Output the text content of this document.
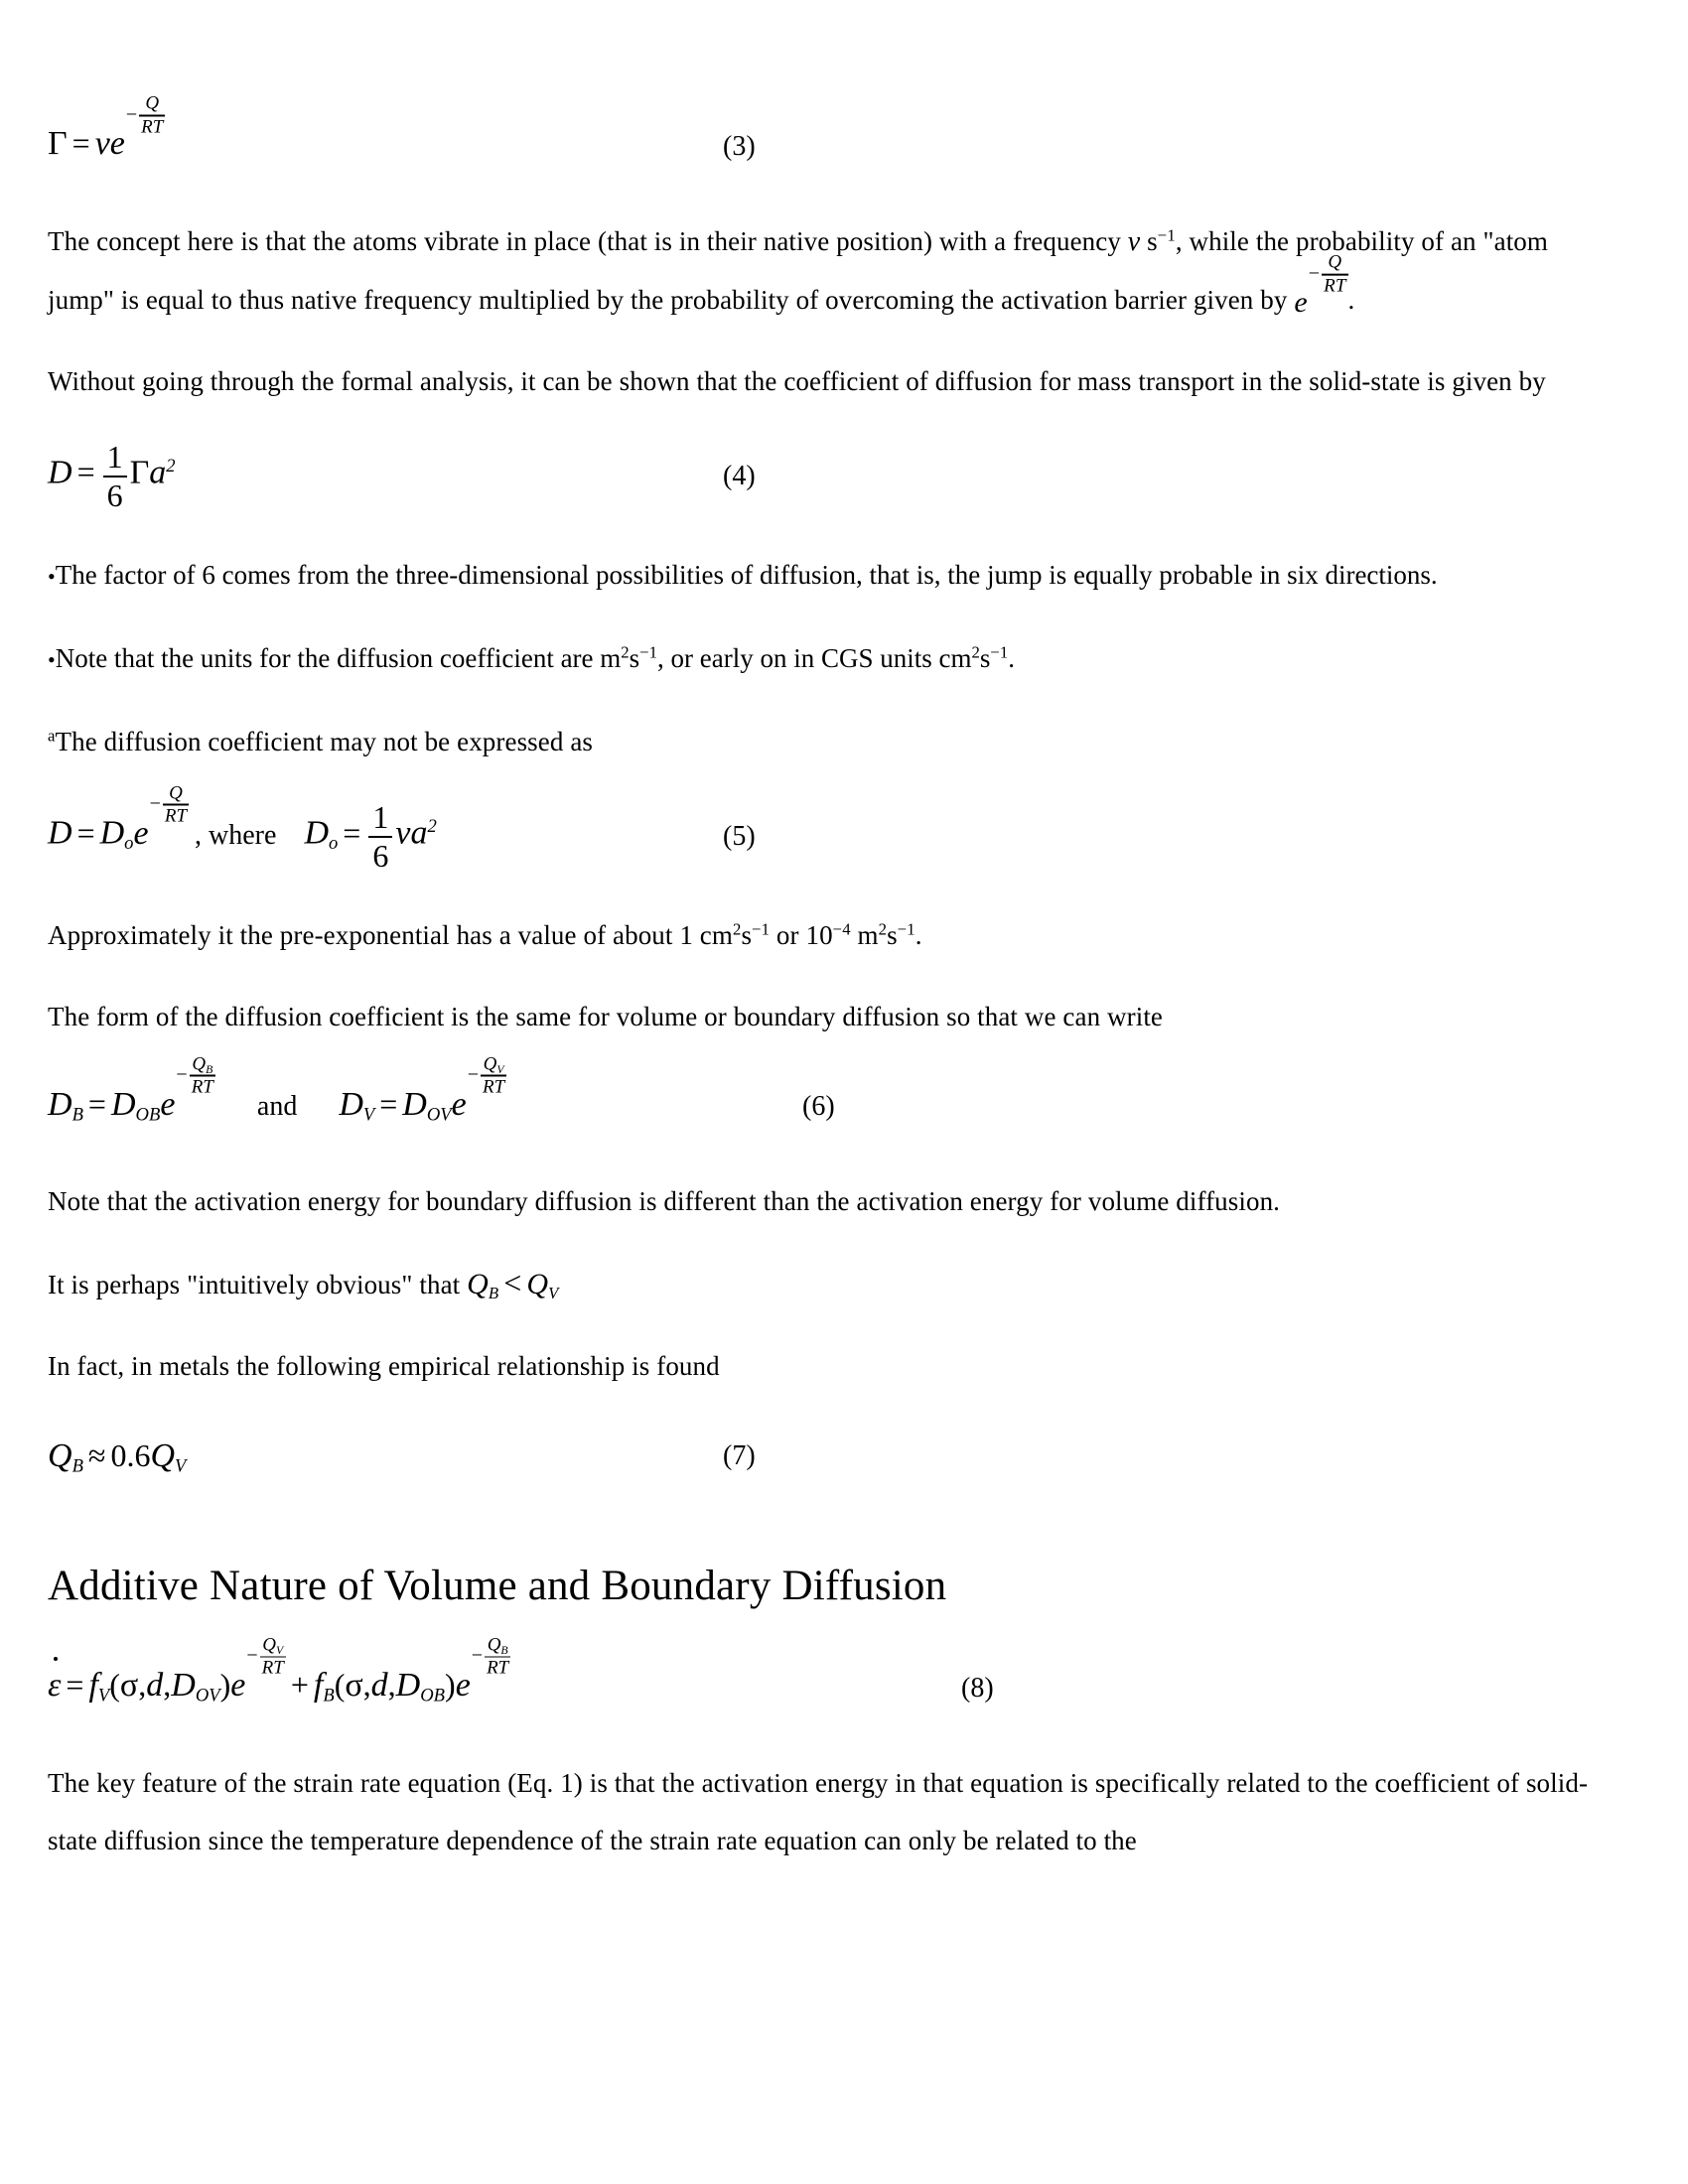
Γ = ν e
− Q
RT
(3)

The concept here is that the atoms vibrate in place (that is in their native position) with a frequency ν $s^{-1}$, while the probability of an "atom jump" is equal to thus native frequency multiplied by the probability of overcoming the activation barrier given by e
−
Q
RT .

Without going through the formal analysis, it can be shown that the coefficient of diffusion for mass transport in the solid-state is given by

$D = \frac{1}{6} \Gamma a^2$	(4)

•The factor of 6 comes from the three-dimensional possibilities of diffusion, that is, the jump is equally probable in six directions.

•Note that the units for the diffusion coefficient are $m^2s^{-1}$, or early on in CGS units $cm^2s^{-1}$.

$^a$The diffusion coefficient may not be expressed as

$D = D_o$ e
− Q
RT
, where $D_o = \frac{1}{6} \nu a^2$	(5)

Approximately it the pre-exponential has a value of about 1 $cm^2s^{-1}$ or $10^{-4}$ $m^2s^{-1}$.

The form of the diffusion coefficient is the same for volume or boundary diffusion so that we can write

$D_B = D_{OB}$ e
− $Q_B$
RT
and $D_V = D_{OV}$ e
− $Q_V$
RT
(6)

Note that the activation energy for boundary diffusion is different than the activation energy for volume diffusion.

It is perhaps "intuitively obvious" that $Q_B < Q_V$

In fact, in metals the following empirical relationship is found

$Q_B \approx 0.6Q_V$	(7)
Additive Nature of Volume and Boundary Diffusion
$\varepsilon = f_V(\sigma,d,D_{OV})$ e
− $Q_V$
RT + $f_B(\sigma,d,D_{OB})$ e
− $Q_B$
RT
(8)

The key feature of the strain rate equation (Eq. 1) is that the activation energy in that equation is specifically related to the coefficient of solid-state diffusion since the temperature dependence of the strain rate equation can only be related to the
